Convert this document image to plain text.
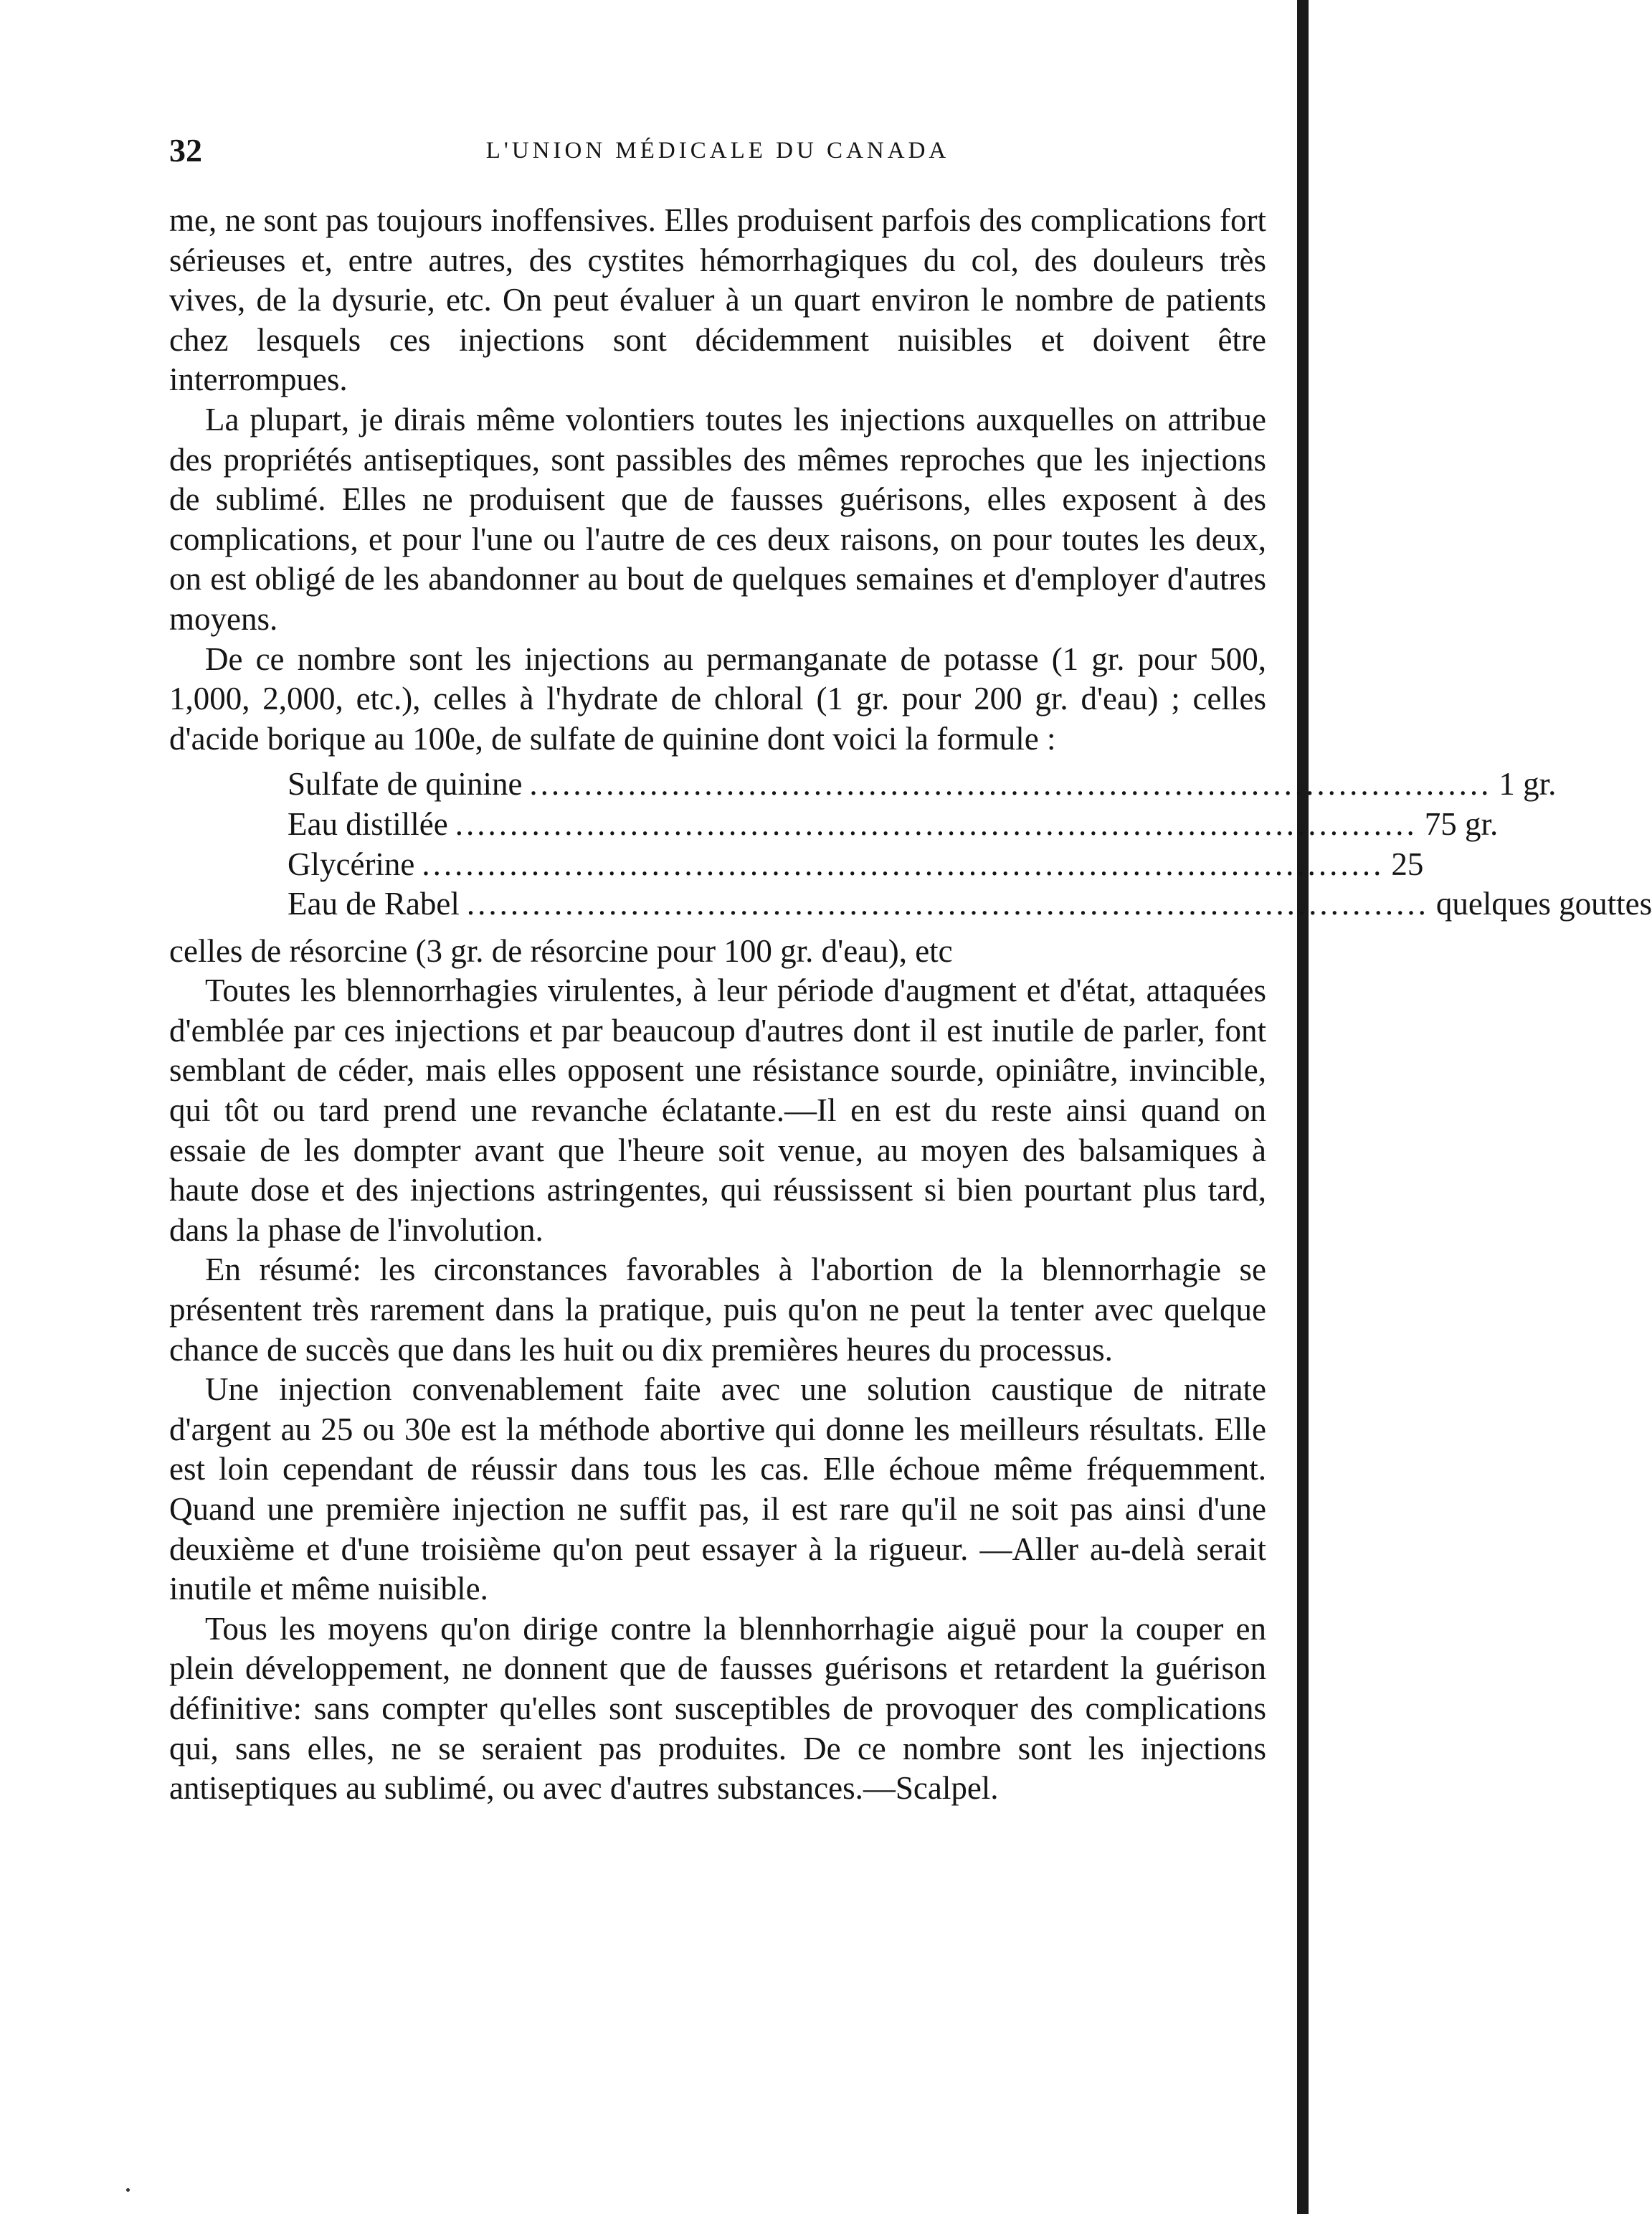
32	L'UNION MÉDICALE DU CANADA

me, ne sont pas toujours inoffensives. Elles produisent parfois des complications fort sérieuses et, entre autres, des cystites hémorrhagiques du col, des douleurs très vives, de la dysurie, etc. On peut évaluer à un quart environ le nombre de patients chez lesquels ces injections sont décidemment nuisibles et doivent être interrompues.

La plupart, je dirais même volontiers toutes les injections auxquelles on attribue des propriétés antiseptiques, sont passibles des mêmes reproches que les injections de sublimé. Elles ne produisent que de fausses guérisons, elles exposent à des complications, et pour l'une ou l'autre de ces deux raisons, on pour toutes les deux, on est obligé de les abandonner au bout de quelques semaines et d'employer d'autres moyens.

De ce nombre sont les injections au permanganate de potasse (1 gr. pour 500, 1,000, 2,000, etc.), celles à l'hydrate de chloral (1 gr. pour 200 gr. d'eau) ; celles d'acide borique au 100e, de sulfate de quinine dont voici la formule :

Sulfate de quinine ........................................................................................ 1 gr.
Eau distillée ........................................................................................ 75 gr.
Glycérine ........................................................................................ 25
Eau de Rabel ........................................................................................ quelques gouttes

celles de résorcine (3 gr. de résorcine pour 100 gr. d'eau), etc

Toutes les blennorrhagies virulentes, à leur période d'augment et d'état, attaquées d'emblée par ces injections et par beaucoup d'autres dont il est inutile de parler, font semblant de céder, mais elles opposent une résistance sourde, opiniâtre, invincible, qui tôt ou tard prend une revanche éclatante.—Il en est du reste ainsi quand on essaie de les dompter avant que l'heure soit venue, au moyen des balsamiques à haute dose et des injections astringentes, qui réussissent si bien pourtant plus tard, dans la phase de l'involution.

En résumé: les circonstances favorables à l'abortion de la blennorrhagie se présentent très rarement dans la pratique, puis qu'on ne peut la tenter avec quelque chance de succès que dans les huit ou dix premières heures du processus.

Une injection convenablement faite avec une solution caustique de nitrate d'argent au 25 ou 30e est la méthode abortive qui donne les meilleurs résultats. Elle est loin cependant de réussir dans tous les cas. Elle échoue même fréquemment. Quand une première injection ne suffit pas, il est rare qu'il ne soit pas ainsi d'une deuxième et d'une troisième qu'on peut essayer à la rigueur. —Aller au-delà serait inutile et même nuisible.

Tous les moyens qu'on dirige contre la blennhorrhagie aiguë pour la couper en plein développement, ne donnent que de fausses guérisons et retardent la guérison définitive: sans compter qu'elles sont susceptibles de provoquer des complications qui, sans elles, ne se seraient pas produites. De ce nombre sont les injections antiseptiques au sublimé, ou avec d'autres substances.—Scalpel.
